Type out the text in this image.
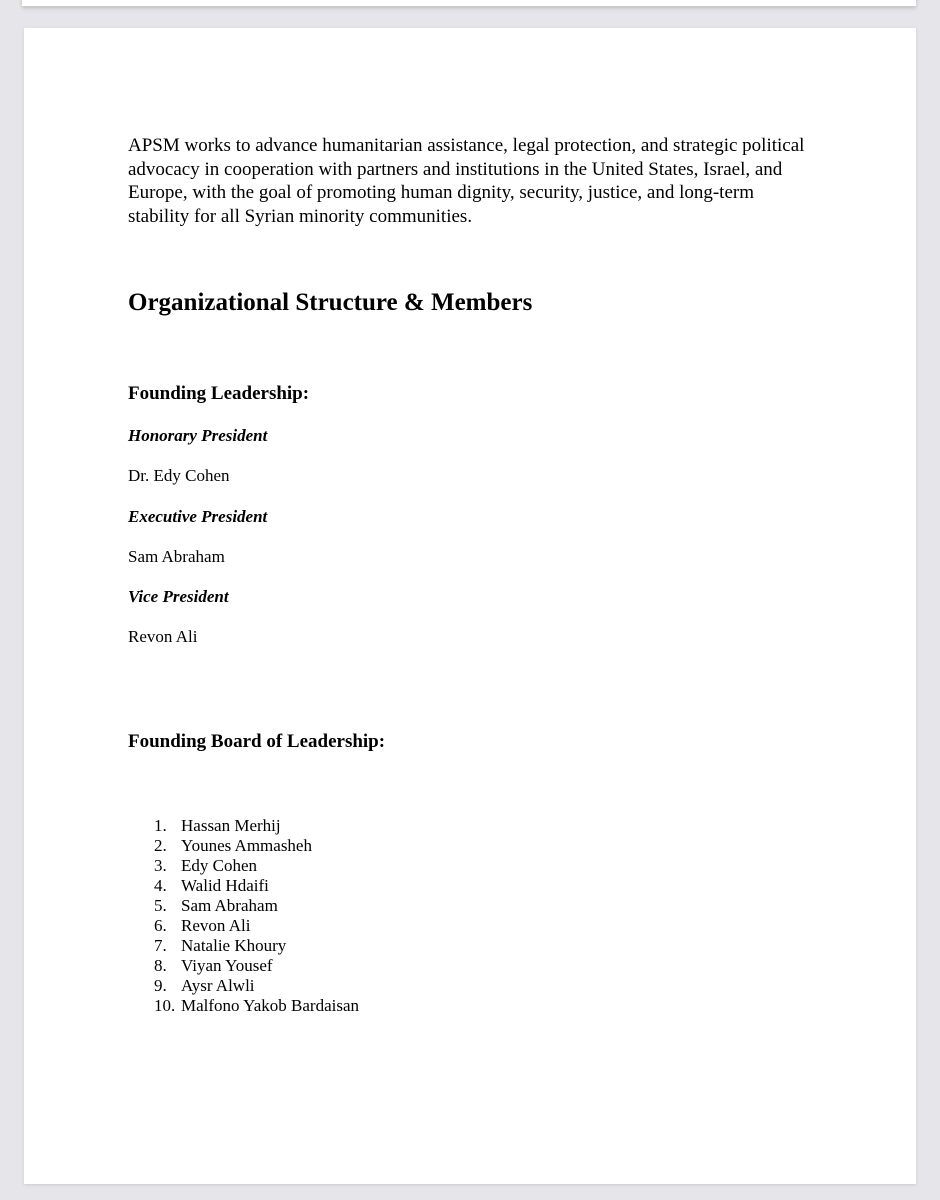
APSM works to advance humanitarian assistance, legal protection, and strategic political advocacy in cooperation with partners and institutions in the United States, Israel, and Europe, with the goal of promoting human dignity, security, justice, and long-term stability for all Syrian minority communities.

Organizational Structure & Members
Founding Leadership:

Honorary President

Dr. Edy Cohen

Executive President

Sam Abraham

Vice President

Revon Ali

Founding Board of Leadership:
1. Hassan Merhij
2. Younes Ammasheh
3. Edy Cohen
4. Walid Hdaifi
5. Sam Abraham
6. Revon Ali
7. Natalie Khoury
8. Viyan Yousef
9. Aysr Alwli
10. Malfono Yakob Bardaisan
